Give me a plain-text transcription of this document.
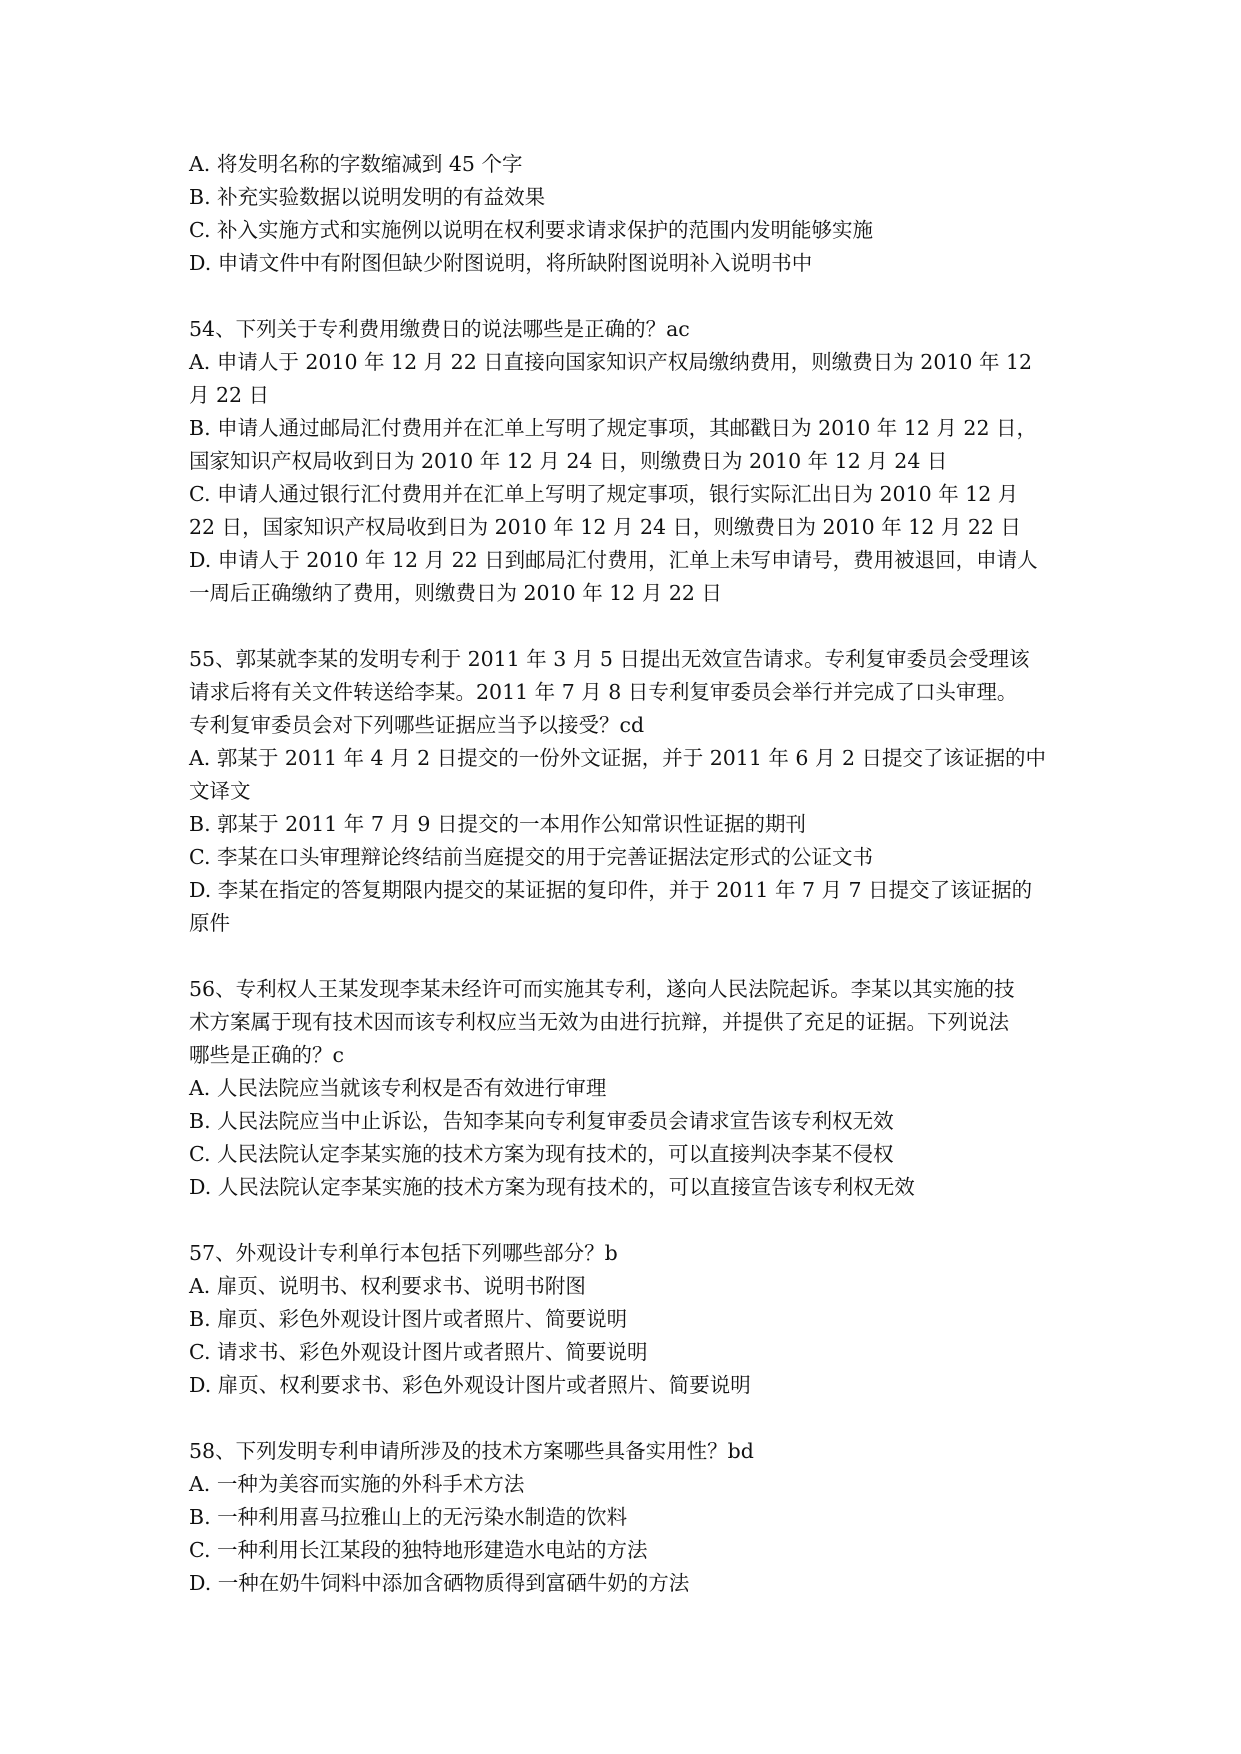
A. 将发明名称的字数缩减到 45 个字
B. 补充实验数据以说明发明的有益效果
C. 补入实施方式和实施例以说明在权利要求请求保护的范围内发明能够实施
D. 申请文件中有附图但缺少附图说明，将所缺附图说明补入说明书中
54、下列关于专利费用缴费日的说法哪些是正确的？ac
A. 申请人于 2010 年 12 月 22 日直接向国家知识产权局缴纳费用，则缴费日为 2010 年 12
月 22 日
B. 申请人通过邮局汇付费用并在汇单上写明了规定事项，其邮戳日为 2010 年 12 月 22 日，
国家知识产权局收到日为 2010 年 12 月 24 日，则缴费日为 2010 年 12 月 24 日
C. 申请人通过银行汇付费用并在汇单上写明了规定事项，银行实际汇出日为 2010 年 12 月
22 日，国家知识产权局收到日为 2010 年 12 月 24 日，则缴费日为 2010 年 12 月 22 日
D. 申请人于 2010 年 12 月 22 日到邮局汇付费用，汇单上未写申请号，费用被退回，申请人
一周后正确缴纳了费用，则缴费日为 2010 年 12 月 22 日
55、郭某就李某的发明专利于 2011 年 3 月 5 日提出无效宣告请求。专利复审委员会受理该
请求后将有关文件转送给李某。2011 年 7 月 8 日专利复审委员会举行并完成了口头审理。
专利复审委员会对下列哪些证据应当予以接受？cd
A. 郭某于 2011 年 4 月 2 日提交的一份外文证据，并于 2011 年 6 月 2 日提交了该证据的中
文译文
B. 郭某于 2011 年 7 月 9 日提交的一本用作公知常识性证据的期刊
C. 李某在口头审理辩论终结前当庭提交的用于完善证据法定形式的公证文书
D. 李某在指定的答复期限内提交的某证据的复印件，并于 2011 年 7 月 7 日提交了该证据的
原件
56、专利权人王某发现李某未经许可而实施其专利，遂向人民法院起诉。李某以其实施的技
术方案属于现有技术因而该专利权应当无效为由进行抗辩，并提供了充足的证据。下列说法
哪些是正确的？c
A. 人民法院应当就该专利权是否有效进行审理
B. 人民法院应当中止诉讼，告知李某向专利复审委员会请求宣告该专利权无效
C. 人民法院认定李某实施的技术方案为现有技术的，可以直接判决李某不侵权
D. 人民法院认定李某实施的技术方案为现有技术的，可以直接宣告该专利权无效
57、外观设计专利单行本包括下列哪些部分？b
A. 扉页、说明书、权利要求书、说明书附图
B. 扉页、彩色外观设计图片或者照片、简要说明
C. 请求书、彩色外观设计图片或者照片、简要说明
D. 扉页、权利要求书、彩色外观设计图片或者照片、简要说明
58、下列发明专利申请所涉及的技术方案哪些具备实用性？bd
A. 一种为美容而实施的外科手术方法
B. 一种利用喜马拉雅山上的无污染水制造的饮料
C. 一种利用长江某段的独特地形建造水电站的方法
D. 一种在奶牛饲料中添加含硒物质得到富硒牛奶的方法
